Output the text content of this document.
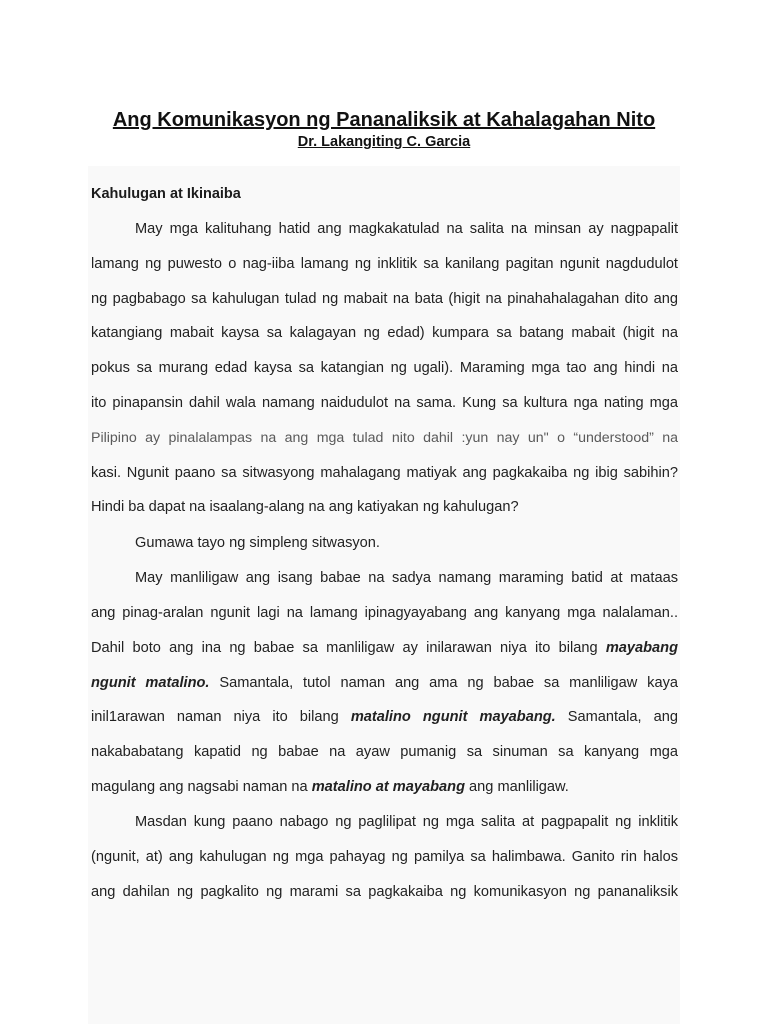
Ang Komunikasyon ng Pananaliksik at Kahalagahan Nito
Dr. Lakangiting C. Garcia
Kahulugan at Ikinaiba
May mga kalituhang hatid ang magkakatulad na salita na minsan ay nagpapalit
lamang ng puwesto o nag-iiba lamang ng inklitik sa kanilang pagitan ngunit nagdudulot
ng pagbabago sa kahulugan tulad ng mabait na bata (higit na pinahahalagahan dito ang
katangiang mabait kaysa sa kalagayan ng edad) kumpara sa batang mabait (higit na
pokus sa murang edad kaysa sa katangian ng ugali). Maraming mga tao ang hindi na
ito pinapansin dahil wala namang naidudulot na sama. Kung sa kultura nga nating mga
Pilipino ay pinalalampas na ang mga tulad nito dahil :yun nay un" o “understood” na
kasi. Ngunit paano sa sitwasyong mahalagang matiyak ang pagkakaiba ng ibig sabihin?
Hindi ba dapat na isaalang-alang na ang katiyakan ng kahulugan?
Gumawa tayo ng simpleng sitwasyon.
May manliligaw ang isang babae na sadya namang maraming batid at mataas
ang pinag-aralan ngunit lagi na lamang ipinagyayabang ang kanyang mga nalalaman..
Dahil boto ang ina ng babae sa manliligaw ay inilarawan niya ito bilang mayabang
ngunit matalino. Samantala, tutol naman ang ama ng babae sa manliligaw kaya
inil1arawan naman niya ito bilang matalino ngunit mayabang. Samantala, ang
nakababatang kapatid ng babae na ayaw pumanig sa sinuman sa kanyang mga
magulang ang nagsabi naman na matalino at mayabang ang manliligaw.
Masdan kung paano nabago ng paglilipat ng mga salita at pagpapalit ng inklitik
(ngunit, at) ang kahulugan ng mga pahayag ng pamilya sa halimbawa. Ganito rin halos
ang dahilan ng pagkalito ng marami sa pagkakaiba ng komunikasyon ng pananaliksik
